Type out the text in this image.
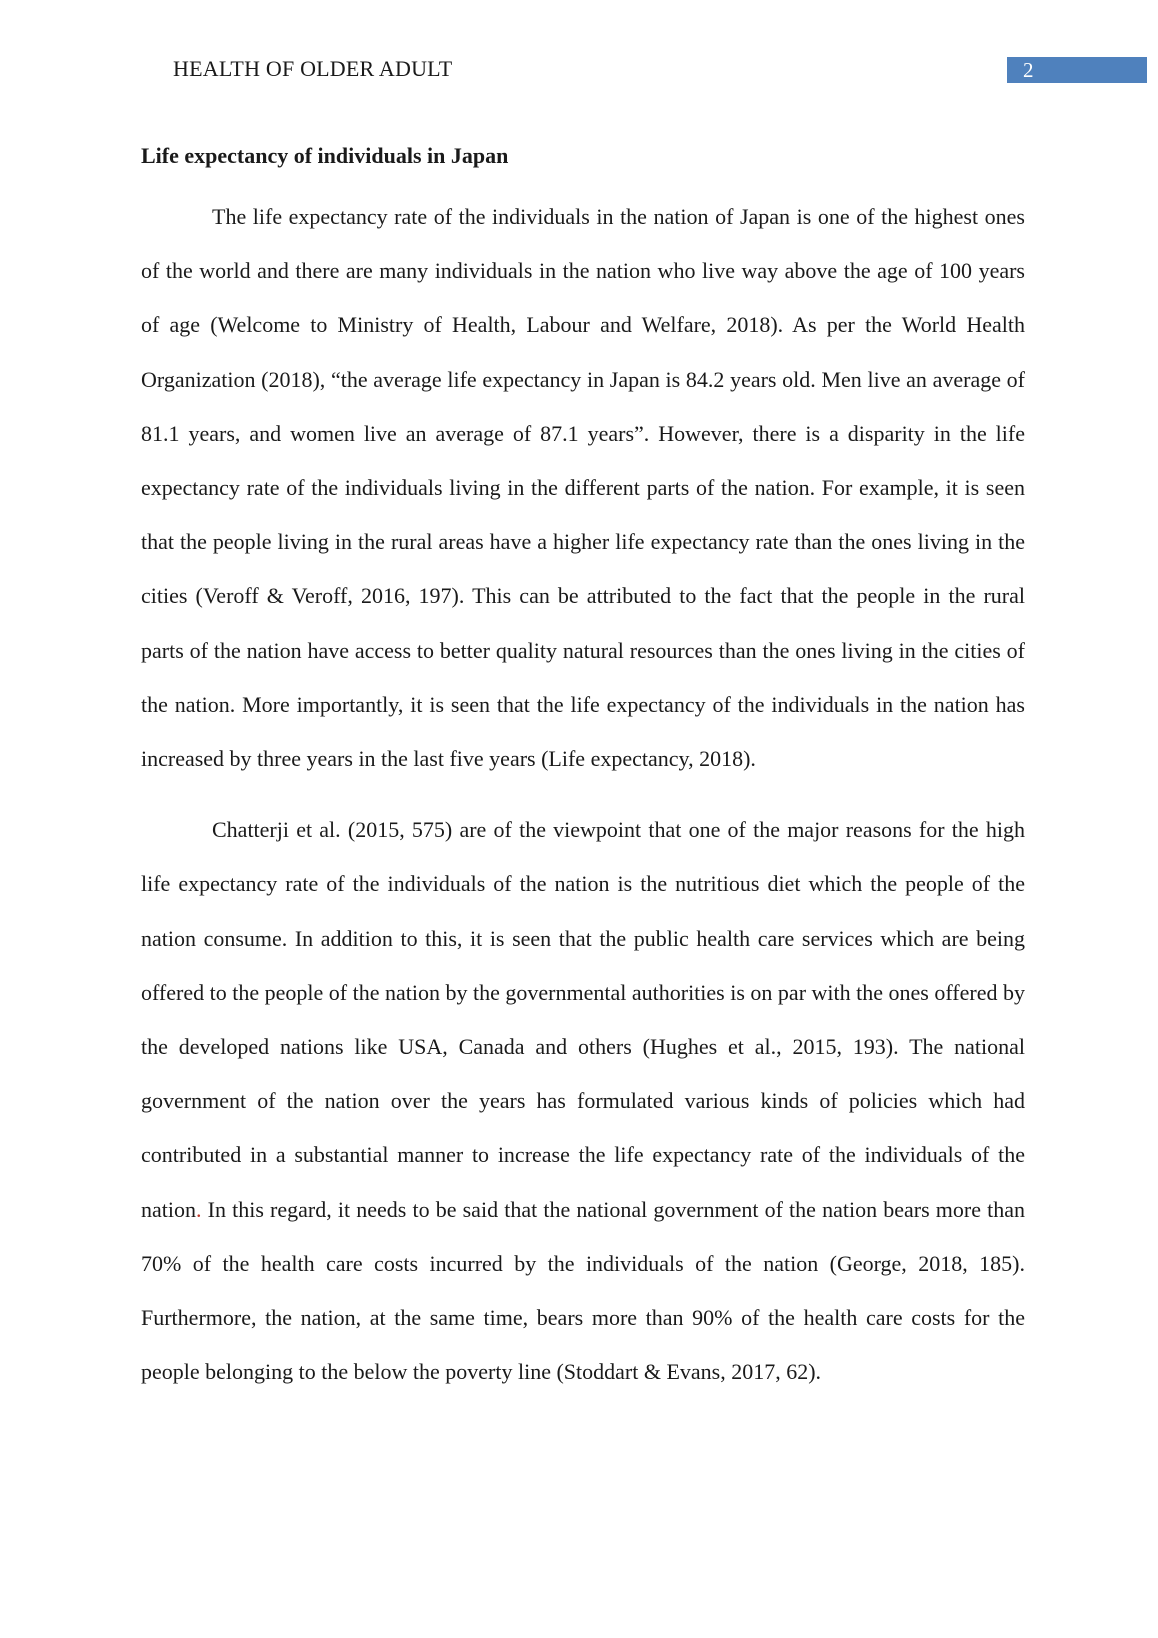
HEALTH OF OLDER ADULT	2
Life expectancy of individuals in Japan

The life expectancy rate of the individuals in the nation of Japan is one of the highest ones of the world and there are many individuals in the nation who live way above the age of 100 years of age (Welcome to Ministry of Health, Labour and Welfare, 2018). As per the World Health Organization (2018), “the average life expectancy in Japan is 84.2 years old. Men live an average of 81.1 years, and women live an average of 87.1 years”. However, there is a disparity in the life expectancy rate of the individuals living in the different parts of the nation. For example, it is seen that the people living in the rural areas have a higher life expectancy rate than the ones living in the cities (Veroff & Veroff, 2016, 197). This can be attributed to the fact that the people in the rural parts of the nation have access to better quality natural resources than the ones living in the cities of the nation. More importantly, it is seen that the life expectancy of the individuals in the nation has increased by three years in the last five years (Life expectancy, 2018).

Chatterji et al. (2015, 575) are of the viewpoint that one of the major reasons for the high life expectancy rate of the individuals of the nation is the nutritious diet which the people of the nation consume. In addition to this, it is seen that the public health care services which are being offered to the people of the nation by the governmental authorities is on par with the ones offered by the developed nations like USA, Canada and others (Hughes et al., 2015, 193). The national government of the nation over the years has formulated various kinds of policies which had contributed in a substantial manner to increase the life expectancy rate of the individuals of the nation. In this regard, it needs to be said that the national government of the nation bears more than 70% of the health care costs incurred by the individuals of the nation (George, 2018, 185). Furthermore, the nation, at the same time, bears more than 90% of the health care costs for the people belonging to the below the poverty line (Stoddart & Evans, 2017, 62).
